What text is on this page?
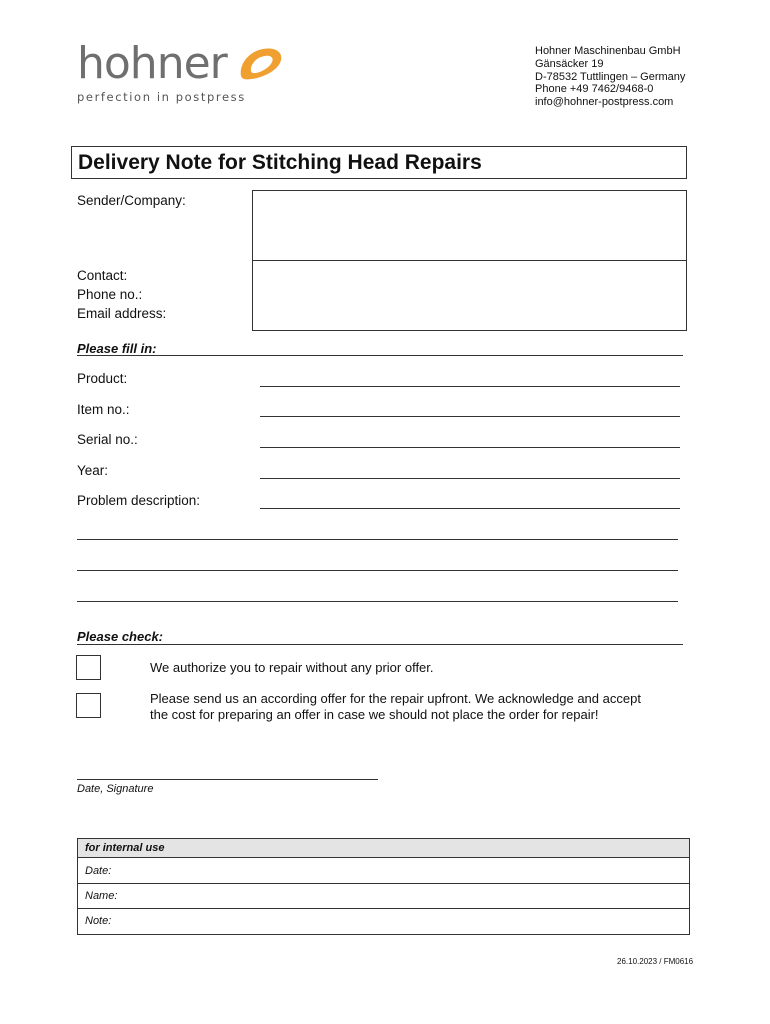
hohner
perfection in postpress
Hohner Maschinenbau GmbH
Gänsäcker 19
D-78532 Tuttlingen – Germany
Phone +49 7462/9468-0
info@hohner-postpress.com
Delivery Note for Stitching Head Repairs
Sender/Company:
Contact:
Phone no.:
Email address:
Please fill in:
Product:
Item no.:
Serial no.:
Year:
Problem description:
Please check:
We authorize you to repair without any prior offer.
Please send us an according offer for the repair upfront. We acknowledge and accept
the cost for preparing an offer in case we should not place the order for repair!
Date, Signature
for internal use
Date:
Name:
Note:
26.10.2023 / FM0616
